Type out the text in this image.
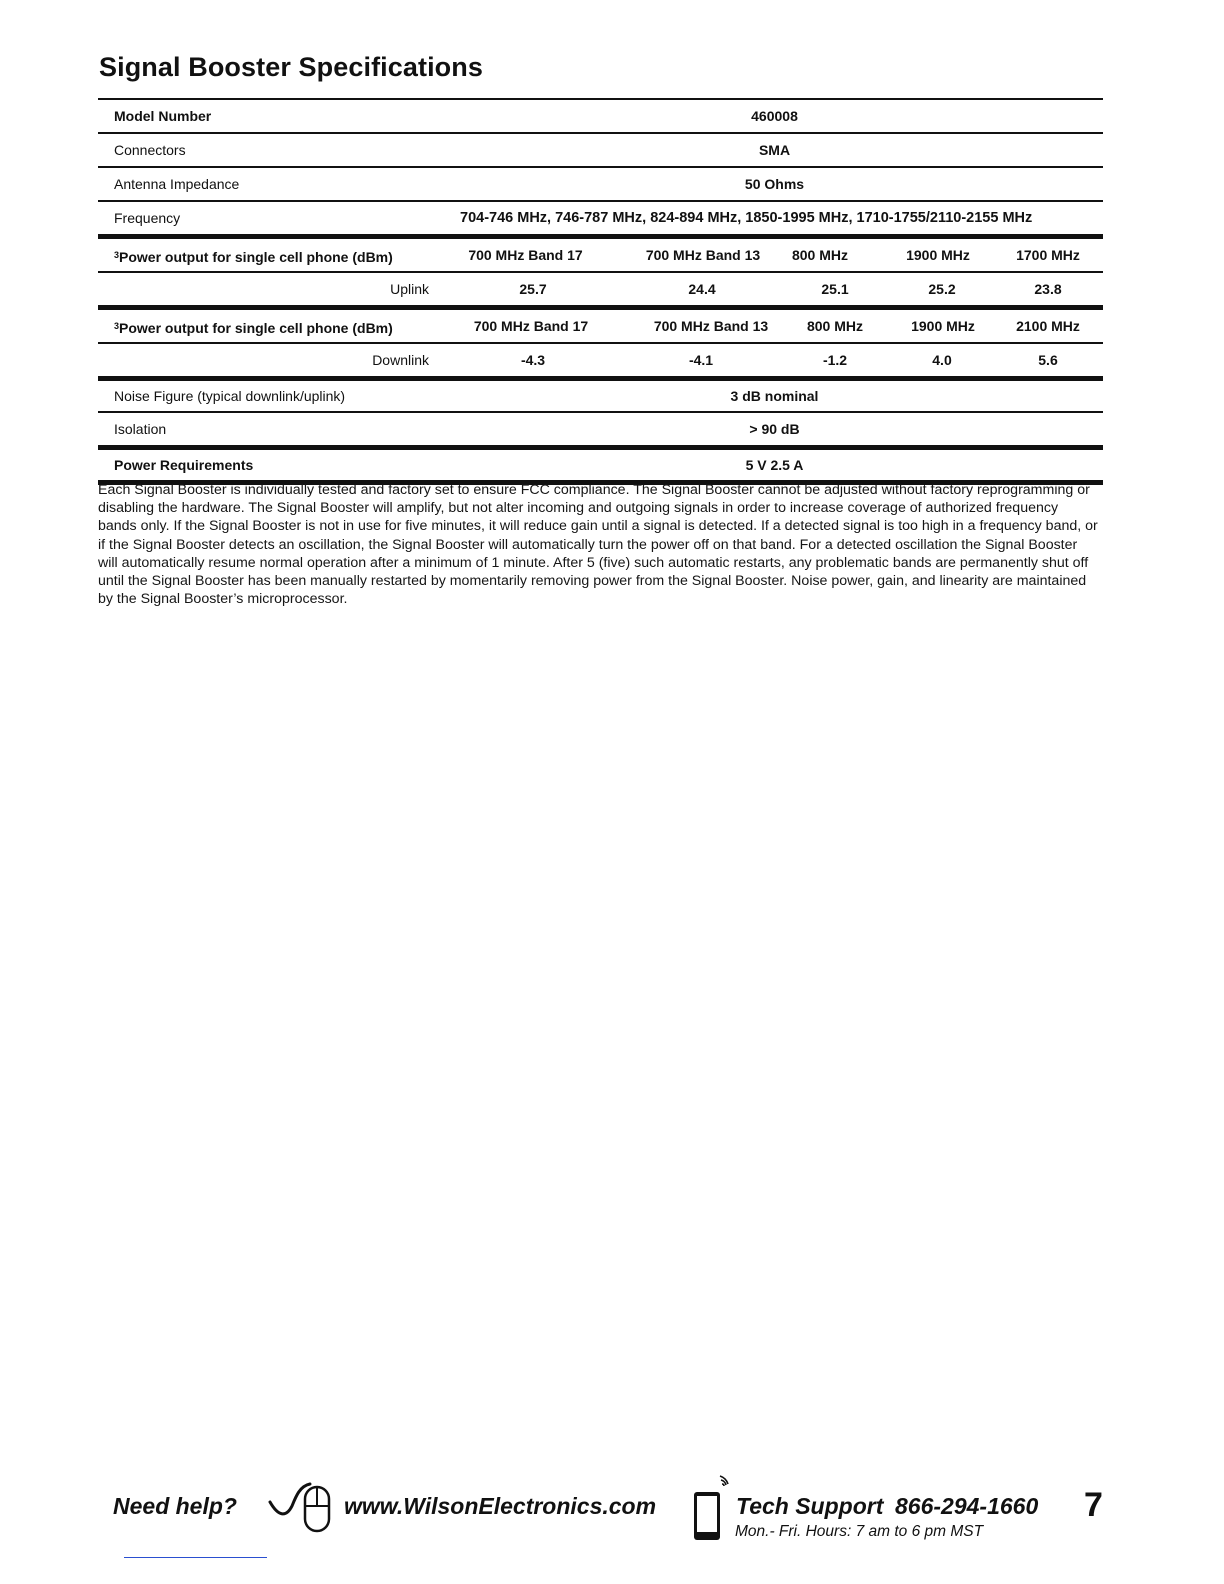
Signal Booster Specifications
Model Number	460008
Connectors	SMA
Antenna Impedance	50 Ohms
Frequency	704-746 MHz, 746-787 MHz, 824-894 MHz, 1850-1995 MHz, 1710-1755/2110-2155 MHz
$^3$Power output for single cell phone (dBm)	700 MHz Band 17	700 MHz Band 13	800 MHz	1900 MHz	1700 MHz
Uplink	25.7	24.4	25.1	25.2	23.8
$^3$Power output for single cell phone (dBm)	700 MHz Band 17	700 MHz Band 13	800 MHz	1900 MHz	2100 MHz
Downlink	-4.3	-4.1	-1.2	4.0	5.6
Noise Figure (typical downlink/uplink)	3 dB nominal
Isolation	> 90 dB
Power Requirements	5 V 2.5 A
Each Signal Booster is individually tested and factory set to ensure FCC compliance. The Signal Booster cannot be adjusted without factory reprogramming or disabling the hardware. The Signal Booster will amplify, but not alter incoming and outgoing signals in order to increase coverage of authorized frequency bands only. If the Signal Booster is not in use for five minutes, it will reduce gain until a signal is detected. If a detected signal is too high in a frequency band, or if the Signal Booster detects an oscillation, the Signal Booster will automatically turn the power off on that band. For a detected oscillation the Signal Booster will automatically resume normal operation after a minimum of 1 minute. After 5 (five) such automatic restarts, any problematic bands are permanently shut off until the Signal Booster has been manually restarted by momentarily removing power from the Signal Booster. Noise power, gain, and linearity are maintained by the Signal Booster’s microprocessor.
Need help?	www.WilsonElectronics.com	Tech Support 866-294-1660
Mon.- Fri. Hours: 7 am to 6 pm MST
7
